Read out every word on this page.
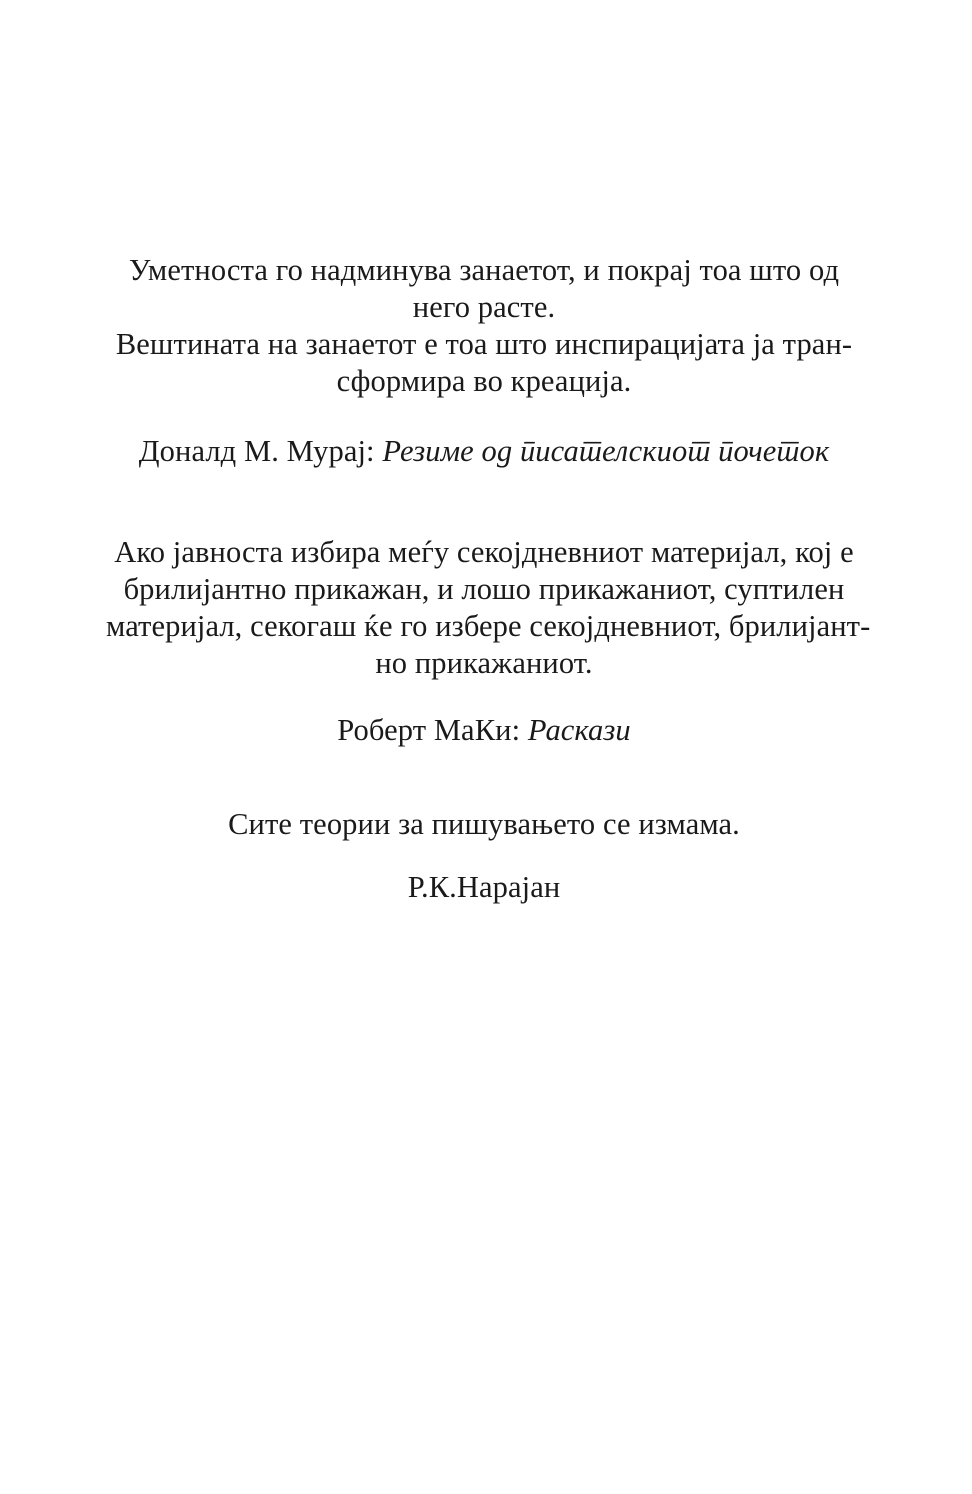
Уметноста го надминува занаетот, и покрај тоа што од
него расте.
Вештината на занаетот е тоа што инспирацијата ја тран-
сформира во креација.
Доналд М. Мурај: Резиме од писателскиот почеток
Ако јавноста избира меѓу секојдневниот материјал, кој е
брилијантно прикажан, и лошо прикажаниот, суптилен
материјал, секогаш ќе го избере секојдневниот, брилијант-
но прикажаниот.
Роберт МаКи: Раскази
Сите теории за пишувањето се измама.
Р.К.Нарајан
